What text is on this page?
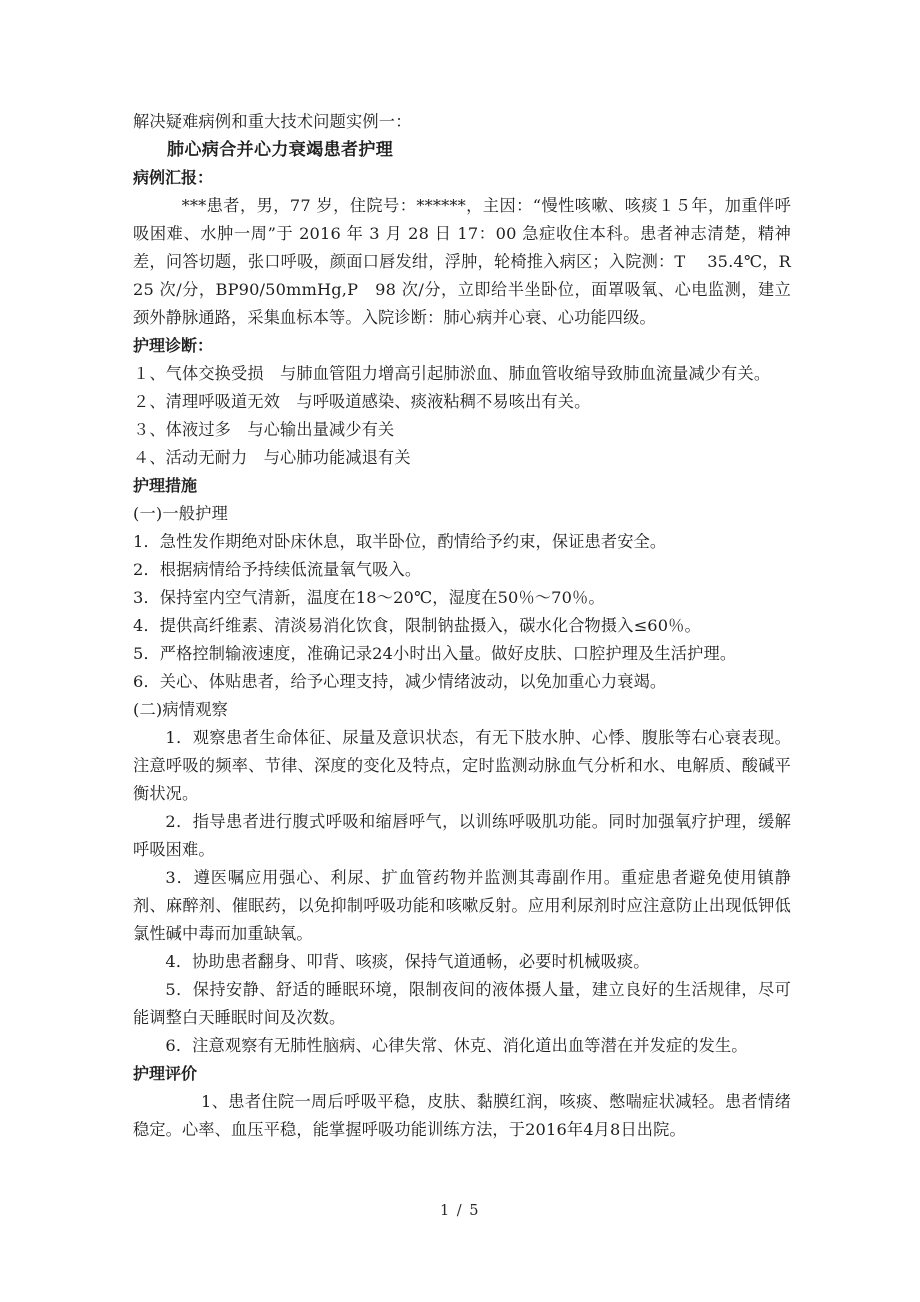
解决疑难病例和重大技术问题实例一：
肺心病合并心力衰竭患者护理
病例汇报：

***患者，男，77 岁，住院号：******，主因：“慢性咳嗽、咳痰１５年，加重伴呼吸困难、水肿一周”于 2016 年 3 月 28 日 17：00 急症收住本科。患者神志清楚，精神差，问答切题，张口呼吸，颜面口唇发绀，浮肿，轮椅推入病区；入院测：T　 35.4℃，R 25 次/分，BP90/50mmHg,P　98 次/分，立即给半坐卧位，面罩吸氧、心电监测，建立颈外静脉通路，采集血标本等。入院诊断：肺心病并心衰、心功能四级。

护理诊断：

１、气体交换受损　与肺血管阻力增高引起肺淤血、肺血管收缩导致肺血流量减少有关。

２、清理呼吸道无效　与呼吸道感染、痰液粘稠不易咳出有关。

３、体液过多　与心输出量减少有关

４、活动无耐力　与心肺功能减退有关

护理措施
(一)一般护理

1．急性发作期绝对卧床休息，取半卧位，酌情给予约束，保证患者安全。

2．根据病情给予持续低流量氧气吸入。

3．保持室内空气清新，温度在18～20℃，湿度在50％～70％。

4．提供高纤维素、清淡易消化饮食，限制钠盐摄入，碳水化合物摄入≤60％。

5．严格控制输液速度，准确记录24小时出入量。做好皮肤、口腔护理及生活护理。

6．关心、体贴患者，给予心理支持，减少情绪波动，以免加重心力衰竭。

(二)病情观察

1．观察患者生命体征、尿量及意识状态，有无下肢水肿、心悸、腹胀等右心衰表现。注意呼吸的频率、节律、深度的变化及特点，定时监测动脉血气分析和水、电解质、酸碱平衡状况。

2．指导患者进行腹式呼吸和缩唇呼气，以训练呼吸肌功能。同时加强氧疗护理，缓解呼吸困难。

3．遵医嘱应用强心、利尿、扩血管药物并监测其毒副作用。重症患者避免使用镇静剂、麻醉剂、催眠药，以免抑制呼吸功能和咳嗽反射。应用利尿剂时应注意防止出现低钾低氯性碱中毒而加重缺氧。

4．协助患者翻身、叩背、咳痰，保持气道通畅，必要时机械吸痰。

5．保持安静、舒适的睡眠环境，限制夜间的液体摄人量，建立良好的生活规律，尽可能调整白天睡眠时间及次数。

6．注意观察有无肺性脑病、心律失常、休克、消化道出血等潜在并发症的发生。

护理评价

1、患者住院一周后呼吸平稳，皮肤、黏膜红润，咳痰、憋喘症状减轻。患者情绪稳定。心率、血压平稳，能掌握呼吸功能训练方法，于2016年4月8日出院。

1 / 5
